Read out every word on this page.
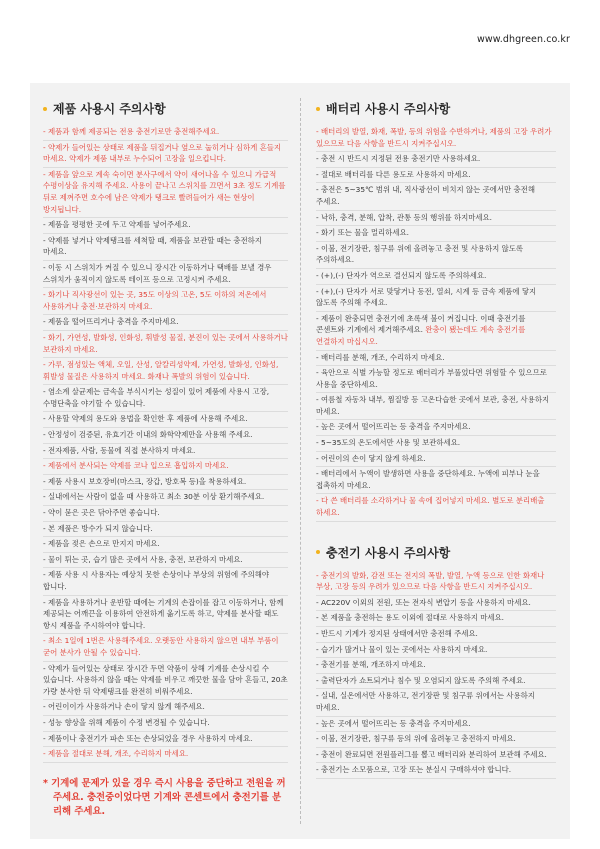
www.dhgreen.co.kr
제품 사용시 주의사항
- 제품과 함께 제공되는 전용 충전기로만 충전해주세요.
- 약제가 들어있는 상태로 제품을 뒤집거나 옆으로 눕히거나 심하게 흔들지 마세요. 약제가 제품 내부로 누수되어 고장을 일으킵니다.
- 제품을 앞으로 계속 숙이면 분사구에서 약이 새어나올 수 있으니 가급적 수평이상을 유지해 주세요. 사용이 끝나고 스위치를 끄면서 3초 정도 기계를 뒤로 제껴주면 호수에 남은 약제가 탱크로 빨려들어가 새는 현상이 방지됩니다.
- 제품을 평평한 곳에 두고 약제를 넣어주세요.
- 약제를 넣거나 약제탱크를 세척할 때, 제품을 보관할 때는 충전하지 마세요.
- 이동 시 스위치가 켜질 수 있으니 장시간 이동하거나 택배를 보낼 경우 스위치가 움직이지 않도록 테이프 등으로 고정시켜 주세요.
- 화기나 직사광선이 있는 곳, 35도 이상의 고온, 5도 이하의 저온에서 사용하거나 충전·보관하지 마세요.
- 제품을 떨어뜨리거나 충격을 주지마세요.
- 화기, 가연성, 발화성, 인화성, 휘발성 물질, 분진이 있는 곳에서 사용하거나 보관하지 마세요.
- 가루, 점성있는 액체, 오일, 산성, 알칼리성약제, 가연성, 발화성, 인화성, 휘발성 물질은 사용하지 마세요. 화재나 폭발의 위험이 있습니다.
- 염소계 살균제는 금속을 부식시키는 성질이 있어 제품에 사용시 고장, 수명단축을 야기할 수 있습니다.
- 사용할 약제의 용도와 용법을 확인한 후 제품에 사용해 주세요.
- 안정성이 검증된, 유효기간 이내의 화학약제만을 사용해 주세요.
- 전자제품, 사람, 동물에 직접 분사하지 마세요.
- 제품에서 분사되는 약제를 코나 입으로 흡입하지 마세요.
- 제품 사용시 보호장비(마스크, 장갑, 방호복 등)을 착용하세요.
- 실내에서는 사람이 없을 때 사용하고 최소 30분 이상 환기해주세요.
- 약이 묻은 곳은 닦아주면 좋습니다.
- 본 제품은 방수가 되지 않습니다.
- 제품을 젖은 손으로 만지지 마세요.
- 물이 튀는 곳, 습기 많은 곳에서 사용, 충전, 보관하지 마세요.
- 제품 사용 시 사용자는 예상치 못한 손상이나 부상의 위험에 주의해야 합니다.
- 제품을 사용하거나 운반할 때에는 기계의 손잡이를 잡고 이동하거나, 함께 제공되는 어깨끈을 이용하여 안전하게 옮기도록 하고, 약제를 분사할 때도 항시 제품을 주시하여야 합니다.
- 최소 1일에 1번은 사용해주세요. 오랫동안 사용하지 않으면 내부 부품이 굳어 분사가 안될 수 있습니다.
- 약제가 들어있는 상태로 장시간 두면 약품이 상해 기계를 손상시킬 수 있습니다. 사용하지 않을 때는 약제를 비우고 깨끗한 물을 담아 흔들고, 20초 가량 분사한 뒤 약제탱크를 완전히 비워주세요.
- 어린이이가 사용하거나 손이 닿지 않게 해주세요.
- 성능 향상을 위해 제품이 수정 변경될 수 있습니다.
- 제품이나 충전기가 파손 또는 손상되었을 경우 사용하지 마세요.
- 제품을 절대로 분해, 개조, 수리하지 마세요.
* 기계에 문제가 있을 경우 즉시 사용을 중단하고 전원을 꺼주세요. 충전중이었다면 기계와 콘센트에서 충전기를 분리해 주세요.
배터리 사용시 주의사항
- 배터리의 발열, 화재, 폭발, 등의 위험을 수반하거나, 제품의 고장 우려가 있으므로 다음 사항을 반드시 지켜주십시오.
- 충전 시 반드시 지정된 전용 충전기만 사용하세요.
- 절대로 배터리를 다른 용도로 사용하지 마세요.
- 충전은 5~35℃ 범위 내, 직사광선이 비치지 않는 곳에서만 충전해 주세요.
- 낙하, 충격, 분해, 압착, 관통 등의 행위를 하지마세요.
- 화기 또는 물을 멀리하세요.
- 이불, 전기장판, 침구류 위에 올려놓고 충전 및 사용하지 않도록 주의하세요.
- (+),(-) 단자가 역으로 결선되지 않도록 주의하세요.
- (+),(-) 단자가 서로 맞닿거나 동전, 열쇠, 시계 등 금속 제품에 닿지 않도록 주의해 주세요.
- 제품이 완충되면 충전기에 초록색 불이 켜집니다. 이때 충전기를 콘센트와 기계에서 제거해주세요. 완충이 됐는데도 계속 충전기를 연결하지 마십시오.
- 배터리를 분해, 개조, 수리하지 마세요.
- 육안으로 식별 가능할 정도로 배터리가 부풀었다면 위험할 수 있으므로 사용을 중단하세요.
- 여름철 자동차 내부, 찜질방 등 고온다습한 곳에서 보관, 충전, 사용하지 마세요.
- 높은 곳에서 떨어뜨리는 등 충격을 주지마세요.
- 5~35도의 온도에서만 사용 및 보관하세요.
- 어린이의 손이 닿지 않게 하세요.
- 배터리에서 누액이 발생하면 사용을 중단하세요. 누액에 피부나 눈을 접촉하지 마세요.
- 다 쓴 배터리를 소각하거나 물 속에 집어넣지 마세요. 별도로 분리배출 하세요.
충전기 사용시 주의사항
- 충전기의 발화, 감전 또는 전지의 폭발, 발열, 누액 등으로 인한 화재나 부상, 고장 등의 우려가 있으므로 다음 사항을 반드시 지켜주십시오.
- AC220V 이외의 전원, 또는 전자식 변압기 등을 사용하지 마세요.
- 본 제품을 충전하는 용도 이외에 절대로 사용하지 마세요.
- 반드시 기계가 정지된 상태에서만 충전해 주세요.
- 습기가 많거나 물이 있는 곳에서는 사용하지 마세요.
- 충전기를 분해, 개조하지 마세요.
- 출력단자가 쇼트되거나 침수 및 오염되지 않도록 주의해 주세요.
- 실내, 실온에서만 사용하고, 전기장판 및 침구류 위에서는 사용하지 마세요.
- 높은 곳에서 떨어뜨리는 등 충격을 주지마세요.
- 이불, 전기장판, 침구류 등의 위에 올려놓고 충전하지 마세요.
- 충전이 완료되면 전원플러그를 뽑고 배터리와 분리하여 보관해 주세요.
- 충전기는 소모품으로, 고장 또는 분실시 구매하셔야 합니다.
